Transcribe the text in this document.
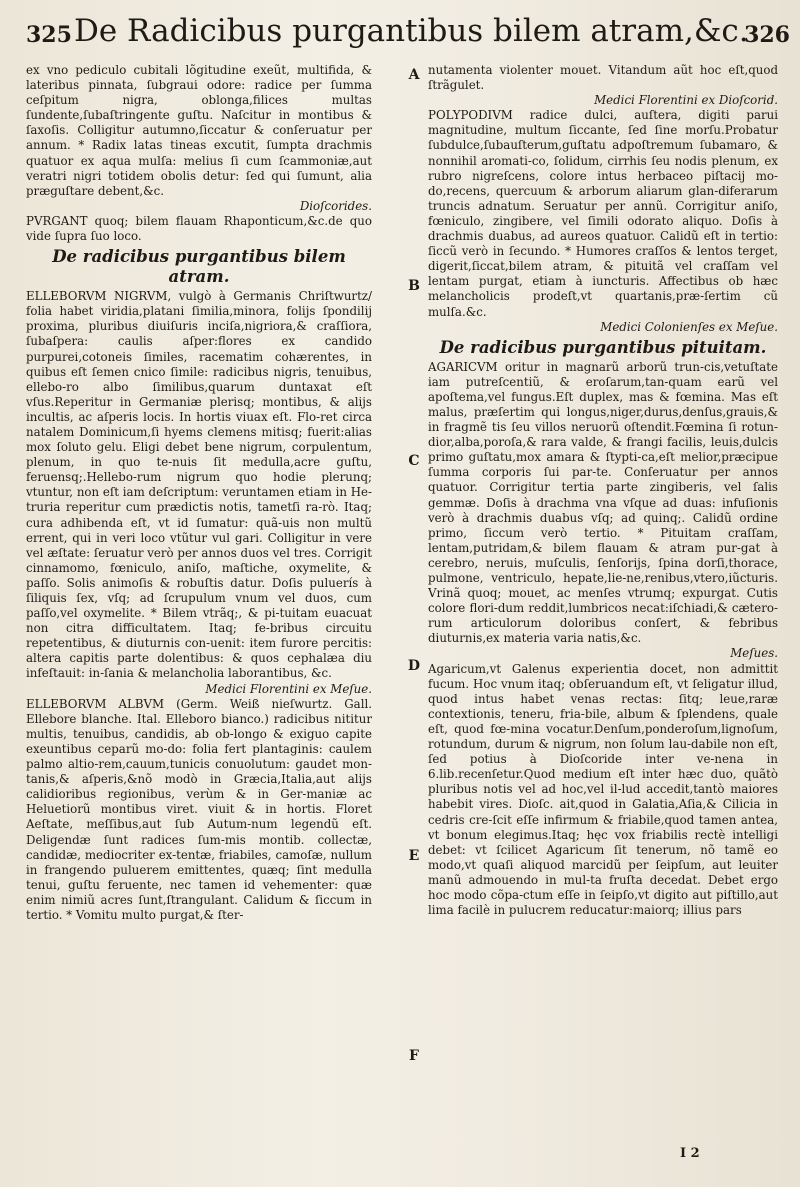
325 De Radicibus purgantibus bilem atram,&c.
326

ex vno pediculo cubitali lõgitudine exeũt, multifida, & lateribus pinnata, ſubgraui odore: radice per ſumma ceſpitum nigra, oblonga,filices multas ſundente,ſubaſtringente guſtu. Naſcitur in montibus & ſaxoſis. Colligitur autumno,ſiccatur & conſeruatur per annum. * Radix latas tineas excutit, ſumpta drachmis quatuor ex aqua mulſa: melius ſi cum ſcammoniæ,aut veratri nigri totidem obolis detur: ſed qui ſumunt, alia præguſtare debent,&c.

Dioſcorides.

PVRGANT quoq; bilem flauam Rhaponticum,&c.de quo vide ſupra ſuo loco.

De radicibus purgantibus bilem atram.

ELLEBORVM NIGRVM, vulgò à Germanis Chriſtwurtz/ folia habet viridia,platani ſimilia,minora, folijs ſpondilij proxima, pluribus diuiſuris inciſa,nigriora,& craſſiora, ſubaſpera: caulis aſper:flores ex candido purpurei,cotoneis ſimiles, racematim cohærentes, in quibus eſt ſemen cnico ſimile: radicibus nigris, tenuibus, ellebo-ro albo ſimilibus,quarum duntaxat eſt vſus.Reperitur in Germaniæ plerisq; montibus, & alijs incultis, ac aſperis locis. In hortis viuax eſt. Flo-ret circa natalem Dominicum,ſi hyems clemens mitisq; fuerit:alias mox ſoluto gelu. Eligi debet bene nigrum, corpulentum, plenum, in quo te-nuis ſit medulla,acre guſtu, feruensq;.Hellebo-rum nigrum quo hodie plerunq; vtuntur, non eſt iam deſcriptum: veruntamen etiam in He-truria reperitur cum prædictis notis, tametſi ra-rò. Itaq; cura adhibenda eſt, vt id ſumatur: quã-uis non multũ errent, qui in veri loco vtũtur vul gari. Colligitur in vere vel æſtate: ſeruatur verò per annos duos vel tres. Corrigit cinnamomo, fœniculo, aniſo, maſtiche, oxymelite, & paſſo. Solis animoſis & robuſtis datur. Doſis puluerís à ſiliquis ſex, vſq; ad ſcrupulum vnum vel duos, cum paſſo,vel oxymelite. * Bilem vtrãq;, & pi-tuitam euacuat non citra difficultatem. Itaq; fe-bribus circuitu repetentibus, & diuturnis con-uenit: item furore percitis: altera capitis parte dolentibus: & quos cephalæa diu infeſtauit: in-ſania & melancholia laborantibus, &c.

Medici Florentini ex Meſue.

ELLEBORVM ALBVM (Germ. Weiß nieſwurtz. Gall. Ellebore blanche. Ital. Elleboro bianco.) radicibus nititur multis, tenuibus, candidis, ab ob-longo & exiguo capite exeuntibus ceparũ mo-do: folia fert plantaginis: caulem palmo altio-rem,cauum,tunicis conuolutum: gaudet mon-tanis,& aſperis,&nõ modò in Græcia,Italia,aut alijs calidioribus regionibus, verùm & in Ger-maniæ ac Heluetiorũ montibus viret. viuit & in hortis. Floret Aeſtate, meſſibus,aut ſub Autum-num legendũ eſt. Deligendæ ſunt radices ſum-mis montib. collectæ, candidæ, mediocriter ex-tentæ, friabiles, camoſæ, nullum in frangendo puluerem emittentes, quæq; ſint medulla tenui, guſtu feruente, nec tamen id vehementer: quæ enim nimiũ acres ſunt,ſtrangulant. Calidum & ſiccum in tertio. * Vomitu multo purgat,& ſter-

A
B
C
D
E
F

nutamenta violenter mouet. Vitandum aũt hoc eſt,quod ſtrãgulet.

Medici Florentini ex Dioſcorid.

POLYPODIVM radice dulci, auſtera, digiti parui magnitudine, multum ſiccante, ſed ſine morſu.Probatur ſubdulce,ſubauſterum,guſtatu adpoſtremum ſubamaro, & nonnihil aromati-co, ſolidum, cirrhis ſeu nodis plenum, ex rubro nigreſcens, colore intus herbaceo piſtacij mo-do,recens, quercuum & arborum aliarum glan-diferarum truncis adnatum. Seruatur per annũ. Corrigitur aniſo, fœniculo, zingibere, vel ſimili odorato aliquo. Doſis à drachmis duabus, ad aureos quatuor. Calidũ eſt in tertio: ſiccũ verò in ſecundo. * Humores craſſos & lentos terget, digerit,ſiccat,bilem atram, & pituitã vel craſſam vel lentam purgat, etiam à iuncturis. Affectibus ob hæc melancholicis prodeſt,vt quartanis,præ-ſertim cũ mulſa.&c.

Medici Colonienſes ex Meſue.

De radicibus purgantibus pituitam.

AGARICVM oritur in magnarũ arborũ trun-cis,vetuſtate iam putreſcentiũ, & eroſarum,tan-quam earũ vel apoſtema,vel fungus.Eſt duplex, mas & fœmina. Mas eſt malus, præſertim qui longus,niger,durus,denſus,grauis,& in fragmẽ tis ſeu villos neruorũ oſtendit.Fœmina ſi rotun-dior,alba,poroſa,& rara valde, & frangi facilis, leuis,dulcis primo guſtatu,mox amara & ſtypti-ca,eſt melior,præcipue ſumma corporis ſui par-te. Conſeruatur per annos quatuor. Corrigitur tertia parte zingiberis, vel ſalis gemmæ. Doſis à drachma vna vſque ad duas: infuſionis verò à drachmis duabus vſq; ad quinq;. Calidũ ordine primo, ſiccum verò tertio. * Pituitam craſſam, lentam,putridam,& bilem flauam & atram pur-gat à cerebro, neruis, muſculis, ſenſorijs, ſpina dorſi,thorace, pulmone, ventriculo, hepate,lie-ne,renibus,vtero,iũcturis. Vrinã quoq; mouet, ac menſes vtrumq; expurgat. Cutis colore flori-dum reddit,lumbricos necat:iſchiadi,& cætero-rum articulorum doloribus conſert, & febribus diuturnis,ex materia varia natis,&c.

Meſues.

Agaricum,vt Galenus experientia docet, non admittit fucum. Hoc vnum itaq; obſeruandum eſt, vt ſeligatur illud, quod intus habet venas rectas: ſitq; leue,raræ contextionis, teneru, fria-bile, album & ſplendens, quale eſt, quod fœ-mina vocatur.Denſum,ponderoſum,lignoſum, rotundum, durum & nigrum, non ſolum lau-dabile non eſt, ſed potius à Dioſcoride inter ve-nena in 6.lib.recenſetur.Quod medium eſt inter hæc duo, quãtò pluribus notis vel ad hoc,vel il-lud accedit,tantò maiores habebit vires. Dioſc. ait,quod in Galatia,Aſia,& Cilicia in cedris cre-ſcit eſſe infirmum & friabile,quod tamen antea, vt bonum elegimus.Itaq; hęc vox friabilis rectè intelligi debet: vt ſcilicet Agaricum ſit tenerum, nõ tamẽ eo modo,vt quaſi aliquod marcidũ per ſeipſum, aut leuiter manũ admouendo in mul-ta fruſta decedat. Debet ergo hoc modo cõpa-ctum eſſe in ſeipſo,vt digito aut piſtillo,aut lima facilè in pulucrem reducatur:maiorq; illius pars

I 2
